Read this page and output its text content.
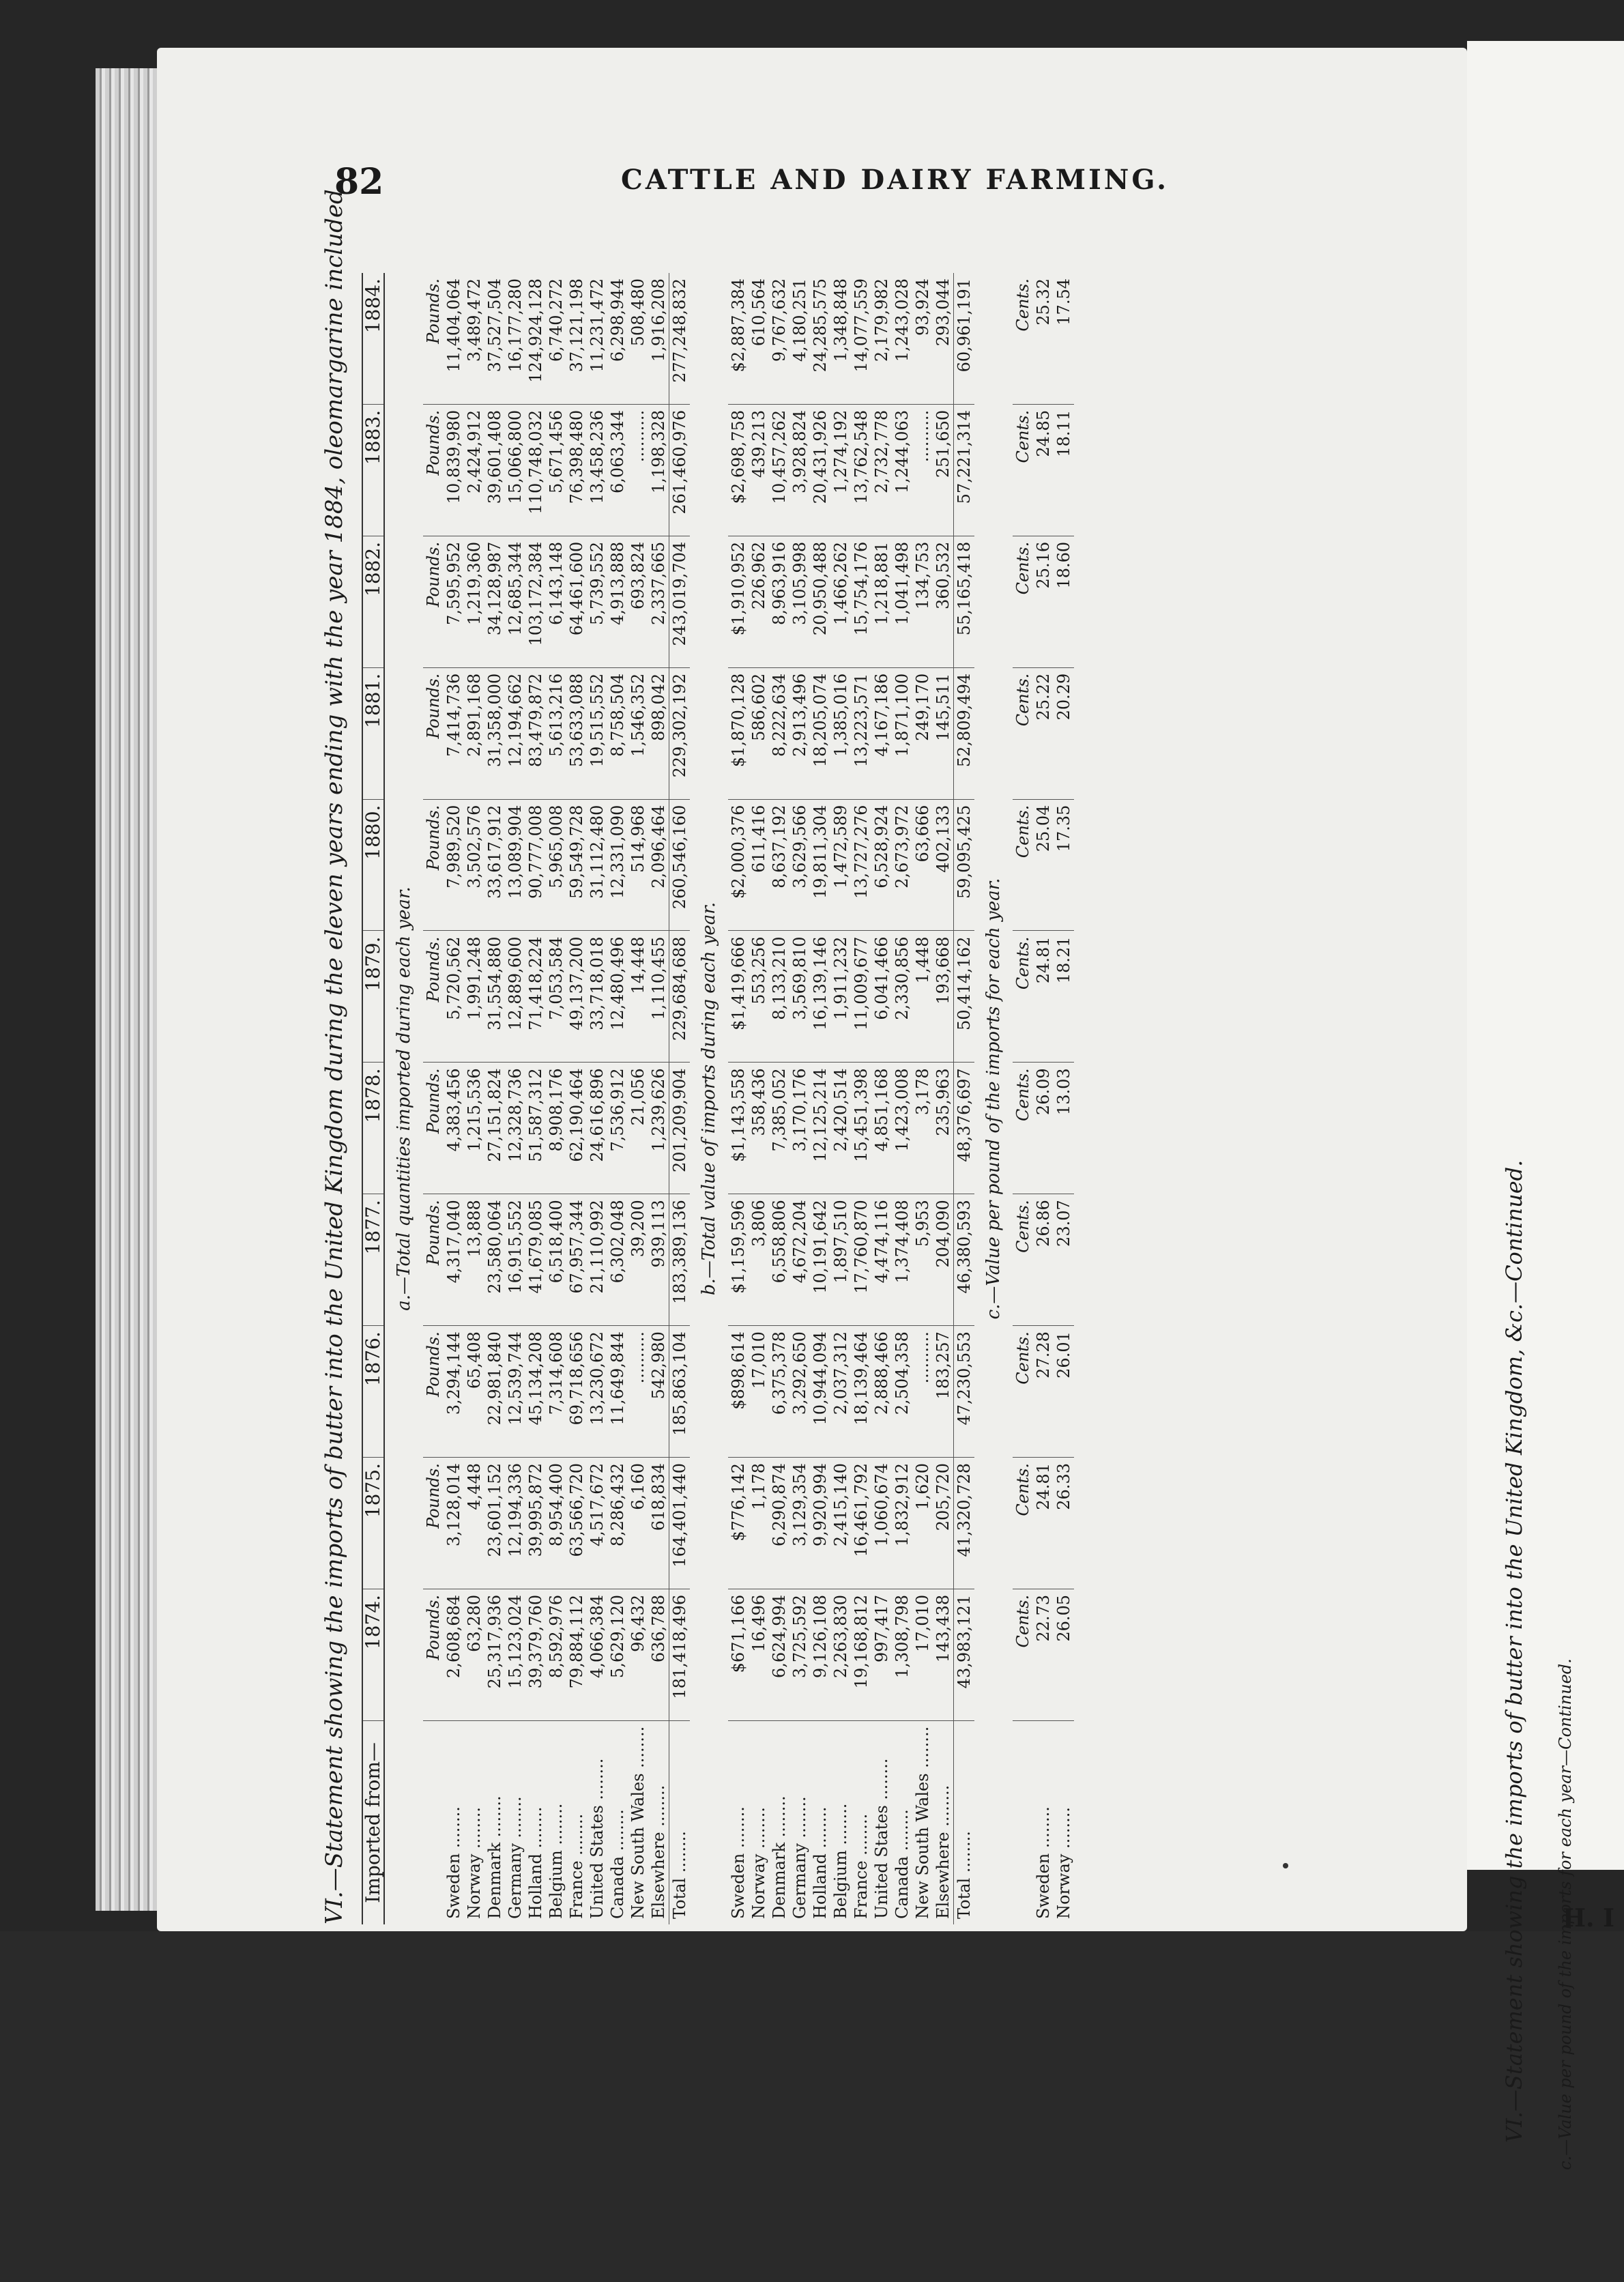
82	CATTLE AND DAIRY FARMING.
VI.—Statement showing the imports of butter into the United Kingdom during the eleven years ending with the year 1884, oleomargarine included. Imported from—	1874.	1875.	1876.	1877.	1878.	1879.	1880.	1881.	1882.	1883.	1884.
a.—Total quantities imported during each year.											
	Pounds.	Pounds.	Pounds.	Pounds.	Pounds.	Pounds.	Pounds.	Pounds.	Pounds.	Pounds.	Pounds.
Sweden ........	2,608,684	3,128,014	3,294,144	4,317,040	4,383,456	5,720,562	7,989,520	7,414,736	7,595,952	10,839,980	11,404,064
Norway ........	63,280	4,448	65,408	13,888	1,215,536	1,991,248	3,502,576	2,891,168	1,219,360	2,424,912	3,489,472
Denmark ........	25,317,936	23,601,152	22,981,840	23,580,064	27,151,824	31,554,880	33,617,912	31,358,000	34,128,987	39,601,408	37,527,504
Germany ........	15,123,024	12,194,336	12,539,744	16,915,552	12,328,736	12,889,600	13,089,904	12,194,662	12,685,344	15,066,800	16,177,280
Holland ........	39,379,760	39,995,872	45,134,208	41,679,085	51,587,312	71,418,224	90,777,008	83,479,872	103,172,384	110,748,032	124,924,128
Belgium ........	8,592,976	8,954,400	7,314,608	6,518,400	8,908,176	7,053,584	5,965,008	5,613,216	6,143,148	5,671,456	6,740,272
France ........	79,884,112	63,566,720	69,718,656	67,957,344	62,190,464	49,137,200	59,549,728	53,633,088	64,461,600	76,398,480	37,121,198
United States ........	4,066,384	4,517,672	13,230,672	21,110,992	24,616,896	33,718,018	31,112,480	19,515,552	5,739,552	13,458,236	11,231,472
Canada ........	5,629,120	8,286,432	11,649,844	6,302,048	7,536,912	12,480,496	12,331,090	8,758,504	4,913,888	6,063,344	6,298,944
New South Wales ........	96,432	6,160	..........	39,200	21,056	14,448	514,968	1,546,352	693,824	..........	508,480
Elsewhere ........	636,788	618,834	542,980	939,113	1,239,626	1,110,455	2,096,464	898,042	2,337,665	1,198,328	1,916,208
Total ........	181,418,496	164,401,440	185,863,104	183,389,136	201,209,904	229,684,688	260,546,160	229,302,192	243,019,704	261,460,976	277,248,832
b.—Total value of imports during each year.											
Sweden ........	$671,166	$776,142	$898,614	$1,159,596	$1,143,558	$1,419,666	$2,000,376	$1,870,128	$1,910,952	$2,698,758	$2,887,384
Norway ........	16,496	1,178	17,010	3,806	358,436	553,256	611,416	586,602	226,962	439,213	610,564
Denmark ........	6,624,994	6,290,874	6,375,378	6,558,806	7,385,052	8,133,210	8,637,192	8,222,634	8,963,916	10,457,262	9,767,632
Germany ........	3,725,592	3,129,354	3,292,650	4,672,204	3,170,176	3,569,810	3,629,566	2,913,496	3,105,998	3,928,824	4,180,251
Holland ........	9,126,108	9,920,994	10,944,094	10,191,642	12,125,214	16,139,146	19,811,304	18,205,074	20,950,488	20,431,926	24,285,575
Belgium ........	2,263,830	2,415,140	2,037,312	1,897,510	2,420,514	1,911,232	1,472,589	1,385,016	1,466,262	1,274,192	1,348,848
France ........	19,168,812	16,461,792	18,139,464	17,760,870	15,451,398	11,009,677	13,727,276	13,223,571	15,754,176	13,762,548	14,077,559
United States ........	997,417	1,060,674	2,888,466	4,474,116	4,851,168	6,041,466	6,528,924	4,167,186	1,218,881	2,732,778	2,179,982
Canada ........	1,308,798	1,832,912	2,504,358	1,374,408	1,423,008	2,330,856	2,673,972	1,871,100	1,041,498	1,244,063	1,243,028
New South Wales ........	17,010	1,620	..........	5,953	3,178	1,448	63,666	249,170	134,753	..........	93,924
Elsewhere ........	143,438	205,720	183,257	204,090	235,963	193,668	402,133	145,511	360,532	251,650	293,044
Total ........	43,983,121	41,320,728	47,230,553	46,380,593	48,376,697	50,414,162	59,095,425	52,809,494	55,165,418	57,221,314	60,961,191
c.—Value per pound of the imports for each year.											
	Cents.	Cents.	Cents.	Cents.	Cents.	Cents.	Cents.	Cents.	Cents.	Cents.	Cents.
Sweden ........	22.73	24.81	27.28	26.86	26.09	24.81	25.04	25.22	25.16	24.85	25.32
Norway ........	26.05	26.33	26.01	23.07	13.03	18.21	17.35	20.29	18.60	18.11	17.54
VI.—Statement showing the imports of butter into the United Kingdom, &c.—Continued. c.—Value per pound of the imports for each year—Continued.
H. I
